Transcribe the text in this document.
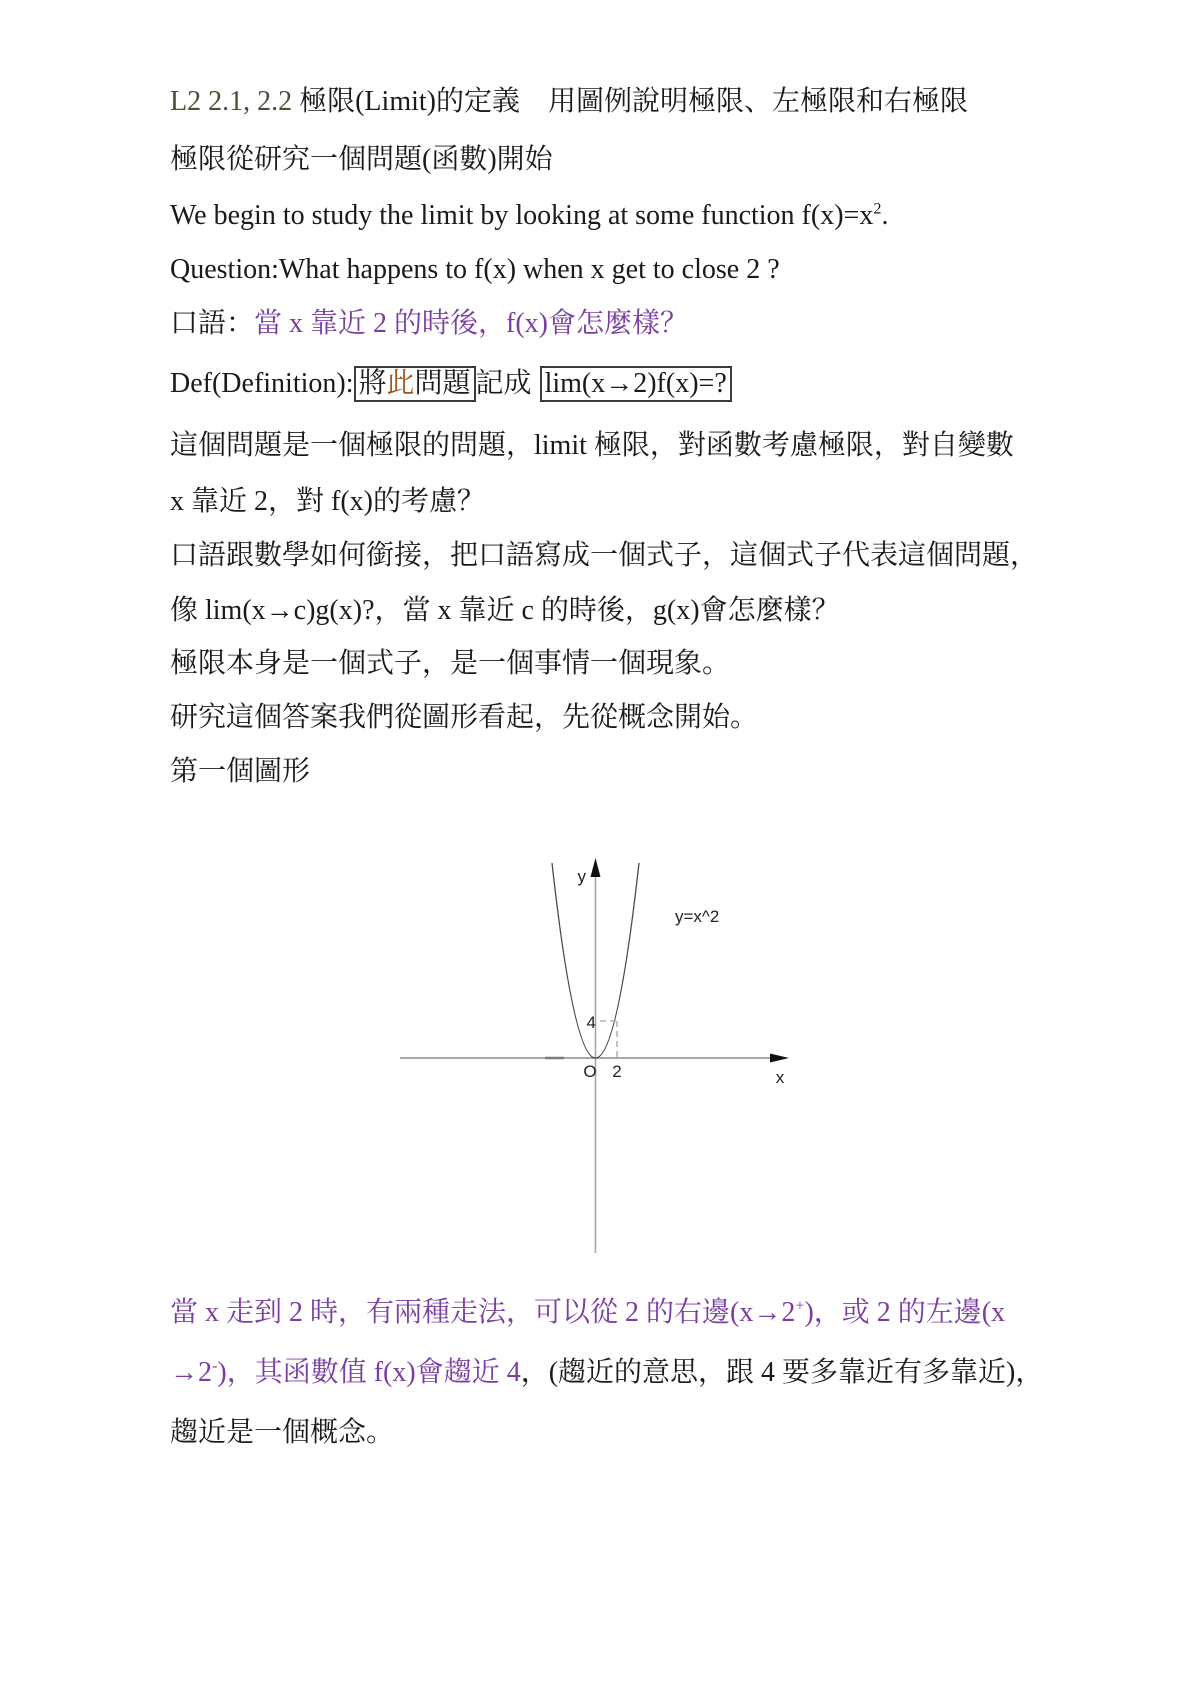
L2 2.1, 2.2 極限(Limit)的定義　用圖例說明極限、左極限和右極限

極限從研究一個問題(函數)開始

We begin to study the limit by looking at some function $f(x)=x^2$.

Question:What happens to f(x) when x get to close 2 ?

口語：當 x 靠近 2 的時後，f(x)會怎麼樣？

Def(Definition): 將此問題 記成 lim(x→2)f(x)=?

這個問題是一個極限的問題，limit 極限，對函數考慮極限，對自變數

x 靠近 2，對 f(x)的考慮？

口語跟數學如何銜接，把口語寫成一個式子，這個式子代表這個問題，

像 lim(x→c)g(x)?，當 x 靠近 c 的時後，g(x)會怎麼樣？

極限本身是一個式子，是一個事情一個現象。

研究這個答案我們從圖形看起，先從概念開始。

第一個圖形

4
O 2
y
x
y=x^2

當 x 走到 2 時，有兩種走法，可以從 2 的右邊(x→2+)，或 2 的左邊(x

→2-)，其函數值 f(x)會趨近 4，(趨近的意思，跟 4 要多靠近有多靠近)，

趨近是一個概念。
